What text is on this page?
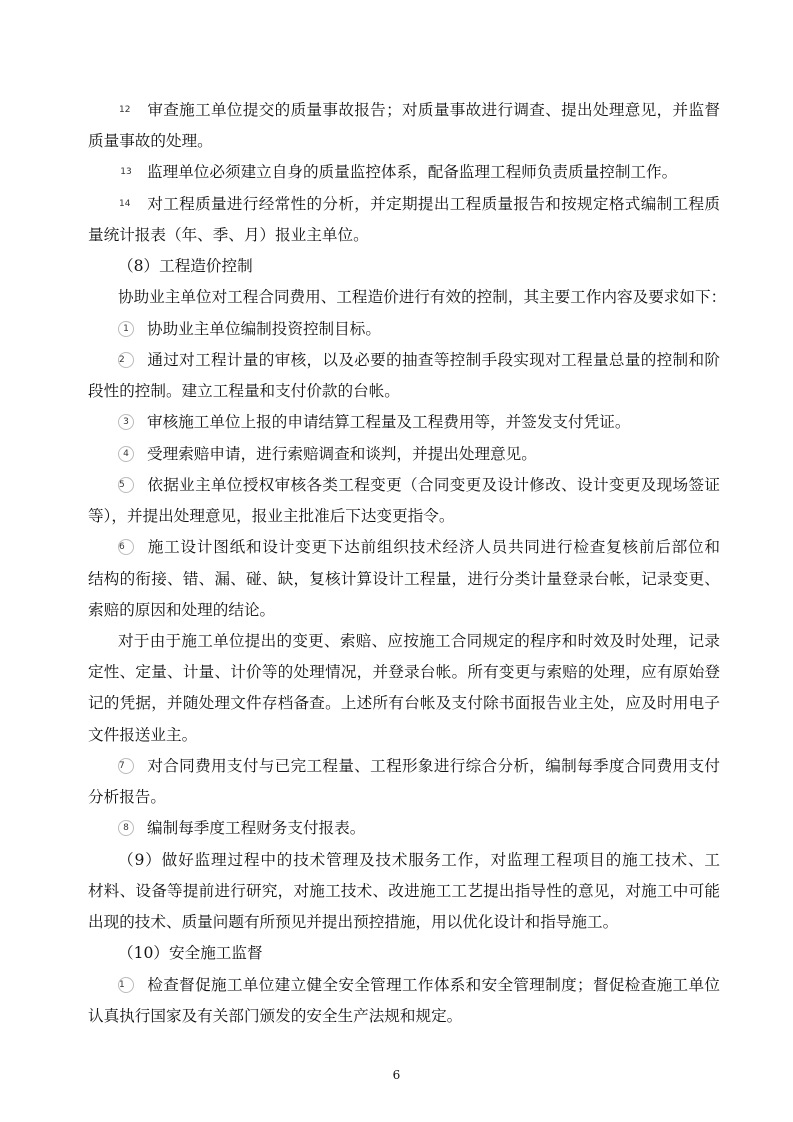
12 审查施工单位提交的质量事故报告；对质量事故进行调查、提出处理意见，并监督
质量事故的处理。
13 监理单位必须建立自身的质量监控体系，配备监理工程师负责质量控制工作。
14 对工程质量进行经常性的分析，并定期提出工程质量报告和按规定格式编制工程质
量统计报表（年、季、月）报业主单位。
（8）工程造价控制
协助业主单位对工程合同费用、工程造价进行有效的控制，其主要工作内容及要求如下：
1 协助业主单位编制投资控制目标。
2 通过对工程计量的审核，以及必要的抽查等控制手段实现对工程量总量的控制和阶
段性的控制。建立工程量和支付价款的台帐。
3 审核施工单位上报的申请结算工程量及工程费用等，并签发支付凭证。
4 受理索赔申请，进行索赔调查和谈判，并提出处理意见。
5 依据业主单位授权审核各类工程变更（合同变更及设计修改、设计变更及现场签证
等），并提出处理意见，报业主批准后下达变更指令。
6 施工设计图纸和设计变更下达前组织技术经济人员共同进行检查复核前后部位和
结构的衔接、错、漏、碰、缺，复核计算设计工程量，进行分类计量登录台帐，记录变更、
索赔的原因和处理的结论。
对于由于施工单位提出的变更、索赔、应按施工合同规定的程序和时效及时处理，记录
定性、定量、计量、计价等的处理情况，并登录台帐。所有变更与索赔的处理，应有原始登
记的凭据，并随处理文件存档备查。上述所有台帐及支付除书面报告业主处，应及时用电子
文件报送业主。
7 对合同费用支付与已完工程量、工程形象进行综合分析，编制每季度合同费用支付
分析报告。
8 编制每季度工程财务支付报表。
（9）做好监理过程中的技术管理及技术服务工作，对监理工程项目的施工技术、工
材料、设备等提前进行研究，对施工技术、改进施工工艺提出指导性的意见，对施工中可能
出现的技术、质量问题有所预见并提出预控措施，用以优化设计和指导施工。
（10）安全施工监督
1 检查督促施工单位建立健全安全管理工作体系和安全管理制度；督促检查施工单位
认真执行国家及有关部门颁发的安全生产法规和规定。
6
